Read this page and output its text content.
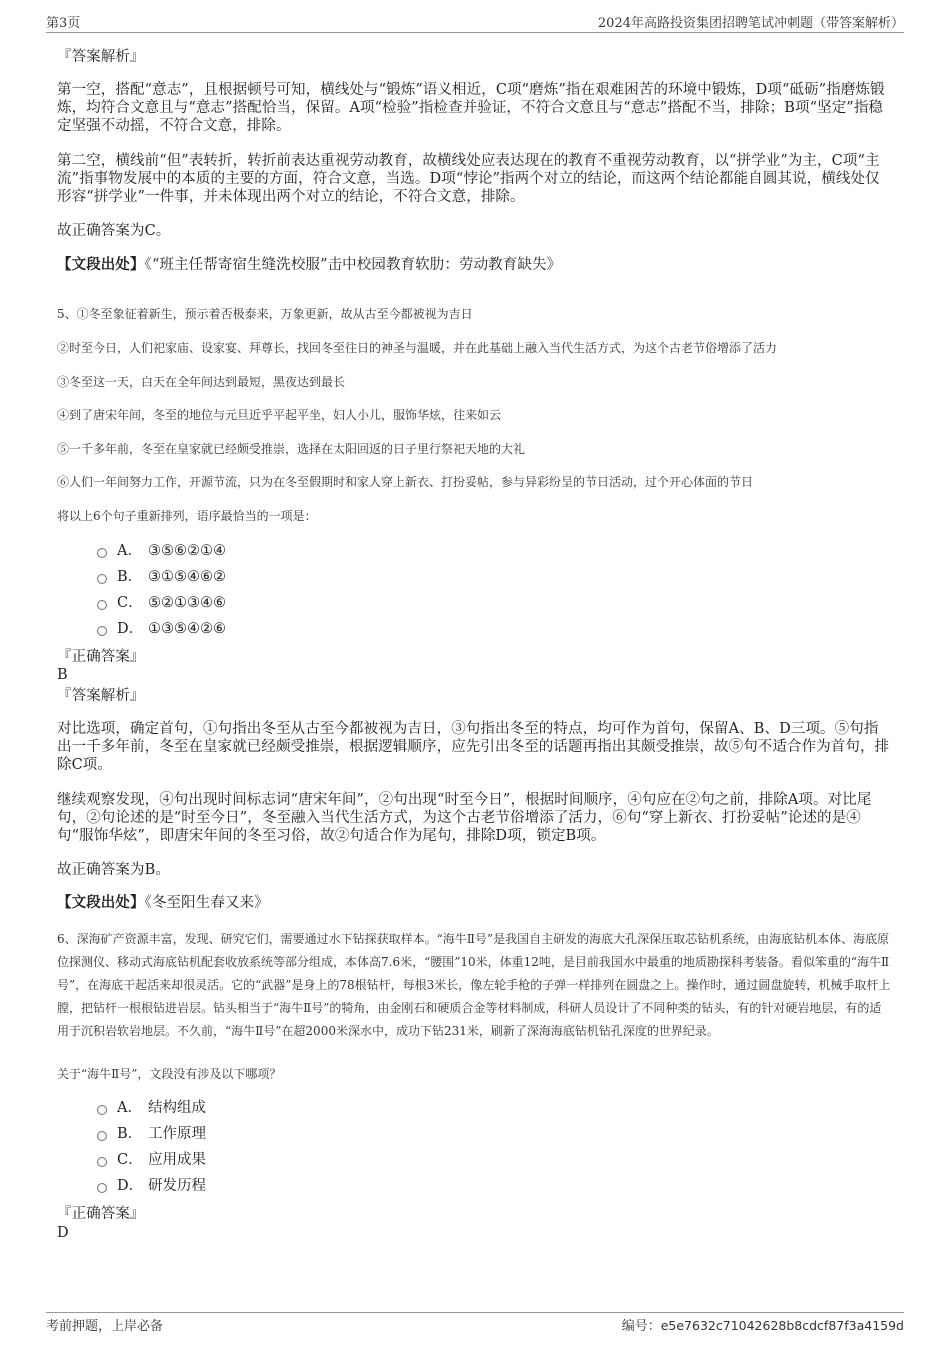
第3页	2024年高路投资集团招聘笔试冲刺题（带答案解析）
『答案解析』
第一空，搭配“意志”，且根据顿号可知，横线处与“锻炼”语义相近，C项“磨炼”指在艰难困苦的环境中锻炼，D项“砥砺”指磨炼锻炼，均符合文意且与“意志”搭配恰当，保留。A项“检验”指检查并验证，不符合文意且与“意志”搭配不当，排除；B项“坚定”指稳定坚强不动摇，不符合文意，排除。
第二空，横线前“但”表转折，转折前表达重视劳动教育，故横线处应表达现在的教育不重视劳动教育，以“拼学业”为主，C项“主流”指事物发展中的本质的主要的方面，符合文意，当选。D项“悖论”指两个对立的结论，而这两个结论都能自圆其说，横线处仅形容“拼学业”一件事，并未体现出两个对立的结论，不符合文意，排除。
故正确答案为C。
【文段出处】《“班主任帮寄宿生缝洗校服”击中校园教育软肋：劳动教育缺失》
5、①冬至象征着新生，预示着否极泰来，万象更新，故从古至今都被视为吉日
②时至今日，人们祀家庙、设家宴、拜尊长，找回冬至往日的神圣与温暖，并在此基础上融入当代生活方式，为这个古老节俗增添了活力
③冬至这一天，白天在全年间达到最短，黑夜达到最长
④到了唐宋年间，冬至的地位与元旦近乎平起平坐，妇人小儿，服饰华炫，往来如云
⑤一千多年前，冬至在皇家就已经颇受推崇，选择在太阳回返的日子里行祭祀天地的大礼
⑥人们一年间努力工作，开源节流，只为在冬至假期时和家人穿上新衣、打扮妥帖，参与异彩纷呈的节日活动，过个开心体面的节日
将以上6个句子重新排列，语序最恰当的一项是：
A． ③⑤⑥②①④
B． ③①⑤④⑥②
C． ⑤②①③④⑥
D． ①③⑤④②⑥
『正确答案』
B
『答案解析』
对比选项，确定首句，①句指出冬至从古至今都被视为吉日，③句指出冬至的特点，均可作为首句，保留A、B、D三项。⑤句指出一千多年前，冬至在皇家就已经颇受推崇，根据逻辑顺序，应先引出冬至的话题再指出其颇受推崇，故⑤句不适合作为首句，排除C项。
继续观察发现，④句出现时间标志词“唐宋年间”，②句出现“时至今日”，根据时间顺序，④句应在②句之前，排除A项。对比尾句，②句论述的是“时至今日”，冬至融入当代生活方式，为这个古老节俗增添了活力，⑥句“穿上新衣、打扮妥帖”论述的是④句“服饰华炫”，即唐宋年间的冬至习俗，故②句适合作为尾句，排除D项，锁定B项。
故正确答案为B。
【文段出处】《冬至阳生春又来》
6、深海矿产资源丰富，发现、研究它们，需要通过水下钻探获取样本。“海牛Ⅱ号”是我国自主研发的海底大孔深保压取芯钻机系统，由海底钻机本体、海底原位探测仪、移动式海底钻机配套收放系统等部分组成，本体高7.6米，“腰围”10米，体重12吨，是目前我国水中最重的地质勘探科考装备。看似笨重的“海牛Ⅱ号”，在海底干起活来却很灵活。它的“武器”是身上的78根钻杆，每根3米长，像左轮手枪的子弹一样排列在圆盘之上。操作时，通过圆盘旋转，机械手取杆上膛，把钻杆一根根钻进岩层。钻头相当于“海牛Ⅱ号”的犄角，由金刚石和硬质合金等材料制成，科研人员设计了不同种类的钻头，有的针对硬岩地层，有的适用于沉积岩软岩地层。不久前，“海牛Ⅱ号”在超2000米深水中，成功下钻231米，刷新了深海海底钻机钻孔深度的世界纪录。
关于“海牛Ⅱ号”，文段没有涉及以下哪项？
A． 结构组成
B． 工作原理
C． 应用成果
D． 研发历程
『正确答案』
D
考前押题，上岸必备	编号：e5e7632c71042628b8cdcf87f3a4159d
